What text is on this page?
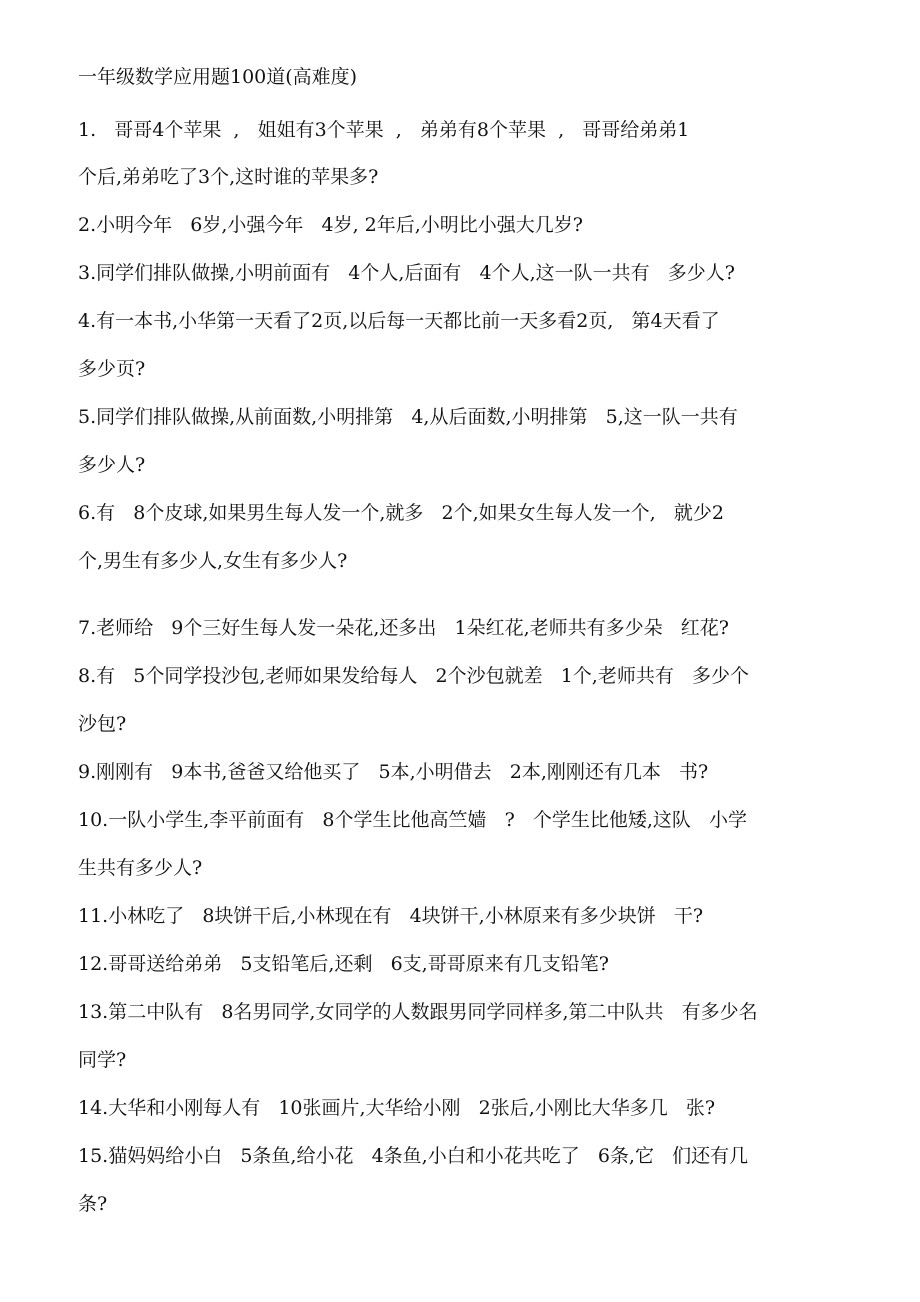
一年级数学应用题100道(高难度)
1.   哥哥4个苹果  ,   姐姐有3个苹果  ,   弟弟有8个苹果  ,   哥哥给弟弟1
个后,弟弟吃了3个,这时谁的苹果多?
2.小明今年   6岁,小强今年   4岁, 2年后,小明比小强大几岁?
3.同学们排队做操,小明前面有   4个人,后面有   4个人,这一队一共有   多少人?
4.有一本书,小华第一天看了2页,以后每一天都比前一天多看2页,   第4天看了
多少页?
5.同学们排队做操,从前面数,小明排第   4,从后面数,小明排第   5,这一队一共有
多少人?
6.有   8个皮球,如果男生每人发一个,就多   2个,如果女生每人发一个,   就少2
个,男生有多少人,女生有多少人?
7.老师给   9个三好生每人发一朵花,还多出   1朵红花,老师共有多少朵   红花?
8.有   5个同学投沙包,老师如果发给每人   2个沙包就差   1个,老师共有   多少个
沙包?
9.刚刚有   9本书,爸爸又给他买了   5本,小明借去   2本,刚刚还有几本   书?
10.一队小学生,李平前面有   8个学生比他高竺嫱   ?   个学生比他矮,这队   小学
生共有多少人?
11.小林吃了   8块饼干后,小林现在有   4块饼干,小林原来有多少块饼   干?
12.哥哥送给弟弟   5支铅笔后,还剩   6支,哥哥原来有几支铅笔?
13.第二中队有   8名男同学,女同学的人数跟男同学同样多,第二中队共   有多少名
同学?
14.大华和小刚每人有   10张画片,大华给小刚   2张后,小刚比大华多几   张?
15.猫妈妈给小白   5条鱼,给小花   4条鱼,小白和小花共吃了   6条,它   们还有几
条?
